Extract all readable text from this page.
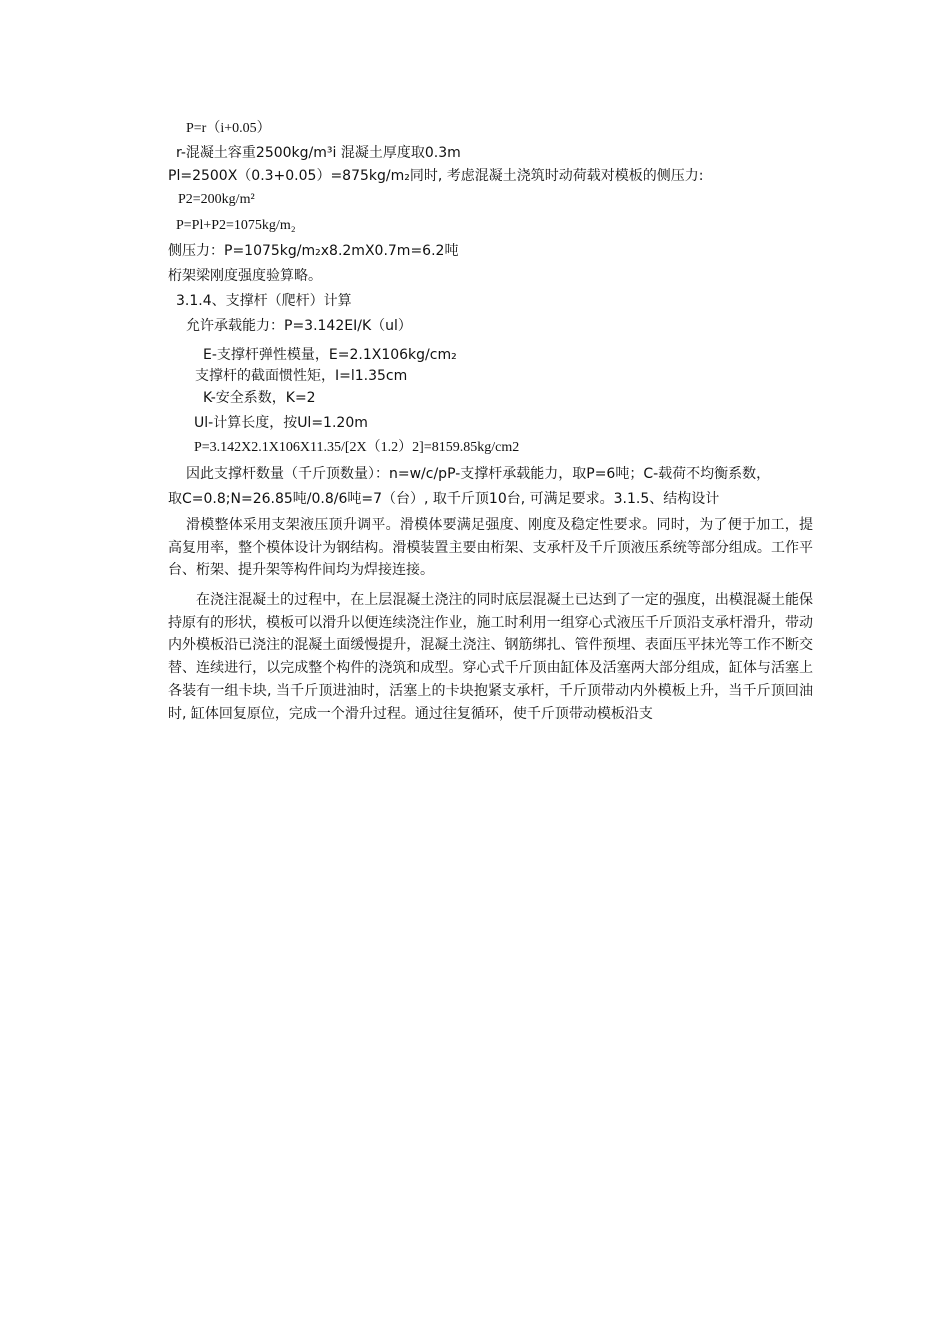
P=r（i+0.05）

r-混凝土容重2500kg/m³i 混凝土厚度取0.3m

Pl=2500X（0.3+0.05）=875kg/m₂同时, 考虑混凝土浇筑时动荷载对模板的侧压力:

P2=200kg/m²

P=Pl+P2=1075kg/m₂

侧压力：P=1075kg/m₂x8.2mX0.7m=6.2吨

桁架梁刚度强度验算略。

3.1.4、支撑杆（爬杆）计算

允许承载能力：P=3.142EI/K（ul）

E-支撑杆弹性模量，E=2.1X106kg/cm₂

支撑杆的截面惯性矩，I=l1.35cm

K-安全系数，K=2

Ul-计算长度，按Ul=1.20m

P=3.142X2.1X106X11.35/[2X（1.2）2]=8159.85kg/cm2

因此支撑杆数量（千斤顶数量）：n=w/c/pP-支撑杆承载能力，取P=6吨；C-载荷不均衡系数，

取C=0.8;N=26.85吨/0.8/6吨=7（台）, 取千斤顶10台, 可满足要求。3.1.5、结构设计

滑模整体采用支架液压顶升调平。滑模体要满足强度、刚度及稳定性要求。同时，为了便于加工，提高复用率，整个模体设计为钢结构。滑模装置主要由桁架、支承杆及千斤顶液压系统等部分组成。工作平台、桁架、提升架等构件间均为焊接连接。

在浇注混凝土的过程中，在上层混凝土浇注的同时底层混凝土已达到了一定的强度，出模混凝土能保持原有的形状，模板可以滑升以便连续浇注作业，施工时利用一组穿心式液压千斤顶沿支承杆滑升，带动内外模板沿已浇注的混凝土面缓慢提升，混凝土浇注、钢筋绑扎、管件预埋、表面压平抹光等工作不断交替、连续进行，以完成整个构件的浇筑和成型。穿心式千斤顶由缸体及活塞两大部分组成，缸体与活塞上各装有一组卡块, 当千斤顶进油时，活塞上的卡块抱紧支承杆，千斤顶带动内外模板上升，当千斤顶回油时, 缸体回复原位，完成一个滑升过程。通过往复循环，使千斤顶带动模板沿支
